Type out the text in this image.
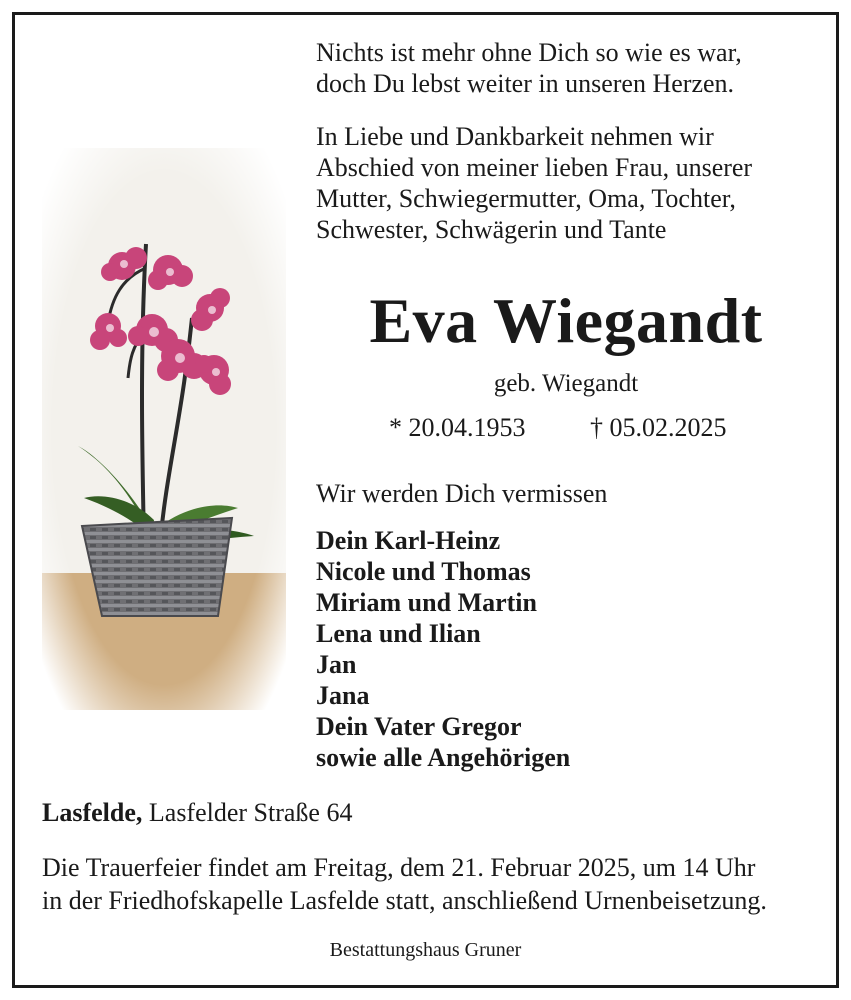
Nichts ist mehr ohne Dich so wie es war,
doch Du lebst weiter in unseren Herzen.
In Liebe und Dankbarkeit nehmen wir
Abschied von meiner lieben Frau, unserer
Mutter, Schwiegermutter, Oma, Tochter,
Schwester, Schwägerin und Tante
Eva Wiegandt
geb. Wiegandt
* 20.04.1953 † 05.02.2025
Wir werden Dich vermissen
Dein Karl-Heinz
Nicole und Thomas
Miriam und Martin
Lena und Ilian
Jan
Jana
Dein Vater Gregor
sowie alle Angehörigen
Lasfelde, Lasfelder Straße 64
Die Trauerfeier findet am Freitag, dem 21. Februar 2025, um 14 Uhr
in der Friedhofskapelle Lasfelde statt, anschließend Urnenbeisetzung.
Bestattungshaus Gruner
